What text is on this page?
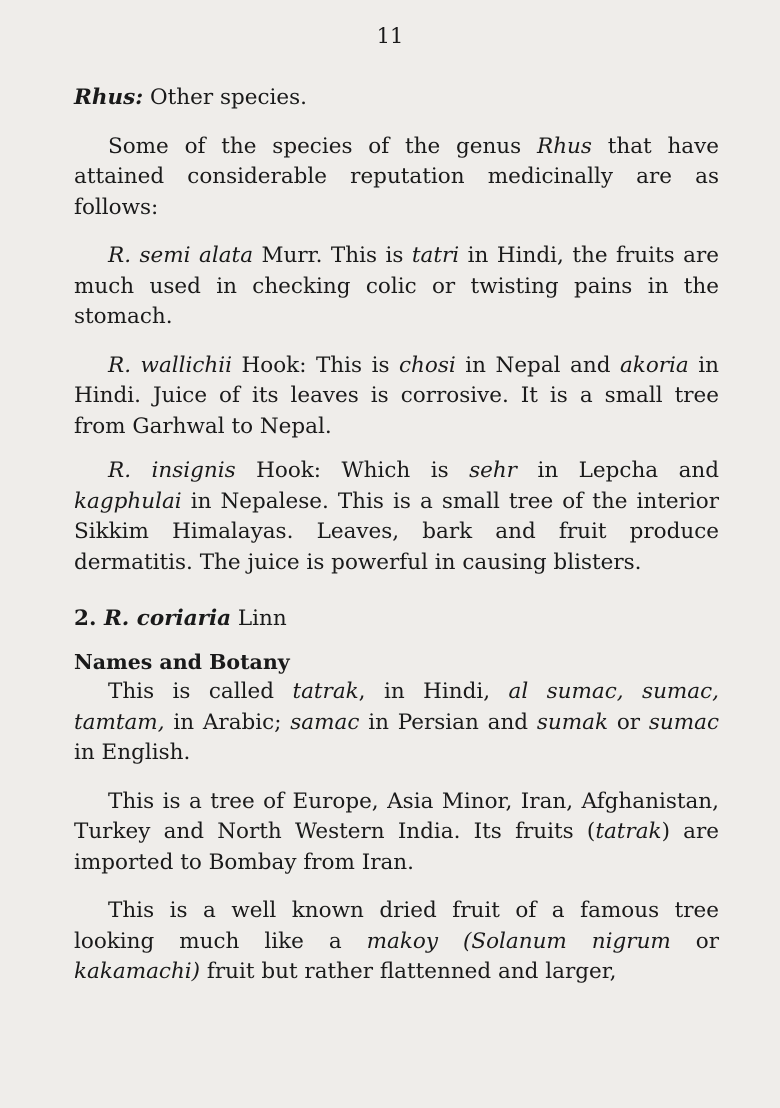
11

Rhus: Other species.

Some of the species of the genus Rhus that have attained considerable reputation medicinally are as follows:

R. semi alata Murr. This is tatri in Hindi, the fruits are much used in checking colic or twisting pains in the stomach.

R. wallichii Hook: This is chosi in Nepal and akoria in Hindi. Juice of its leaves is corrosive. It is a small tree from Garhwal to Nepal.

R. insignis Hook: Which is sehr in Lepcha and kagphulai in Nepalese. This is a small tree of the interior Sikkim Himalayas. Leaves, bark and fruit produce dermatitis. The juice is powerful in causing blisters.

2. R. coriaria Linn

Names and Botany

This is called tatrak, in Hindi, al sumac, sumac, tamtam, in Arabic; samac in Persian and sumak or sumac in English.

This is a tree of Europe, Asia Minor, Iran, Afghanistan, Turkey and North Western India. Its fruits (tatrak) are imported to Bombay from Iran.

This is a well known dried fruit of a famous tree looking much like a makoy (Solanum nigrum or kakamachi) fruit but rather flattenned and larger,
